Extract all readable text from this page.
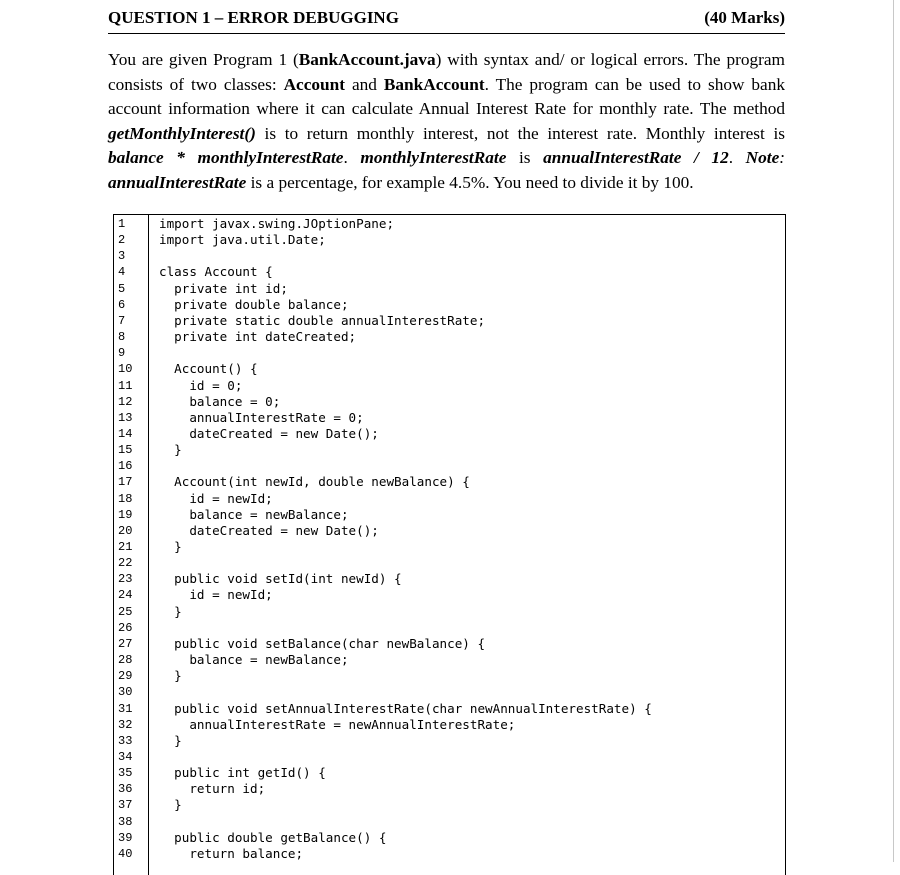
QUESTION 1 – ERROR DEBUGGING	(40 Marks)
You are given Program 1 (BankAccount.java) with syntax and/ or logical errors. The program
consists of two classes: Account and BankAccount. The program can be used to show bank
account information where it can calculate Annual Interest Rate for monthly rate. The method
getMonthlyInterest() is to return monthly interest, not the interest rate. Monthly interest is
balance * monthlyInterestRate. monthlyInterestRate is annualInterestRate / 12. Note:
annualInterestRate is a percentage, for example 4.5%. You need to divide it by 100.
1
2
3
4
5
6
7
8
9
10
11
12
13
14
15
16
17
18
19
20
21
22
23
24
25
26
27
28
29
30
31
32
33
34
35
36
37
38
39
40
import javax.swing.JOptionPane;
import java.util.Date;
class Account {
private int id;
private double balance;
private static double annualInterestRate;
private int dateCreated;
Account() {
id = 0;
balance = 0;
annualInterestRate = 0;
dateCreated = new Date();
}
Account(int newId, double newBalance) {
id = newId;
balance = newBalance;
dateCreated = new Date();
}
public void setId(int newId) {
id = newId;
}
public void setBalance(char newBalance) {
balance = newBalance;
}
public void setAnnualInterestRate(char newAnnualInterestRate) {
annualInterestRate = newAnnualInterestRate;
}
public int getId() {
return id;
}
public double getBalance() {
return balance;
